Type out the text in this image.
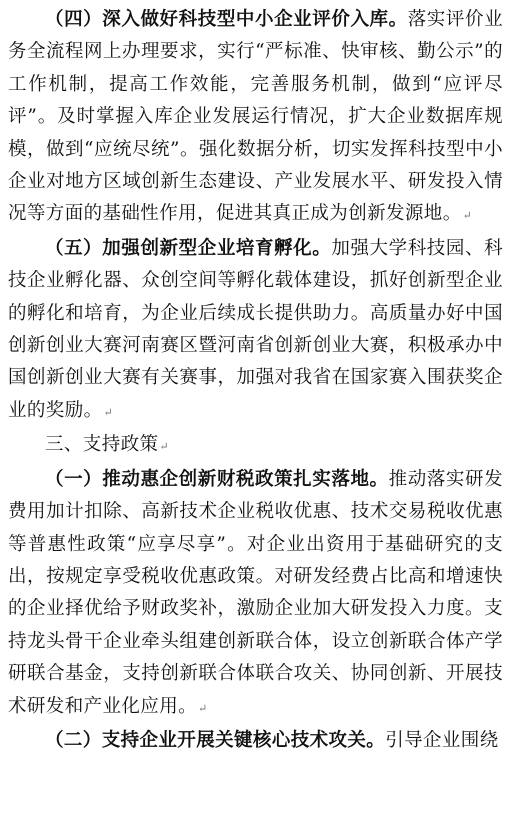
（四）深入做好科技型中小企业评价入库。落实评价业务全流程网上办理要求，实行“严标准、快审核、勤公示”的工作机制，提高工作效能，完善服务机制，做到“应评尽评”。及时掌握入库企业发展运行情况，扩大企业数据库规模，做到“应统尽统”。强化数据分析，切实发挥科技型中小企业对地方区域创新生态建设、产业发展水平、研发投入情况等方面的基础性作用，促进其真正成为创新发源地。↵

（五）加强创新型企业培育孵化。加强大学科技园、科技企业孵化器、众创空间等孵化载体建设，抓好创新型企业的孵化和培育，为企业后续成长提供助力。高质量办好中国创新创业大赛河南赛区暨河南省创新创业大赛，积极承办中国创新创业大赛有关赛事，加强对我省在国家赛入围获奖企业的奖励。↵

三、支持政策↵

（一）推动惠企创新财税政策扎实落地。推动落实研发费用加计扣除、高新技术企业税收优惠、技术交易税收优惠等普惠性政策“应享尽享”。对企业出资用于基础研究的支出，按规定享受税收优惠政策。对研发经费占比高和增速快的企业择优给予财政奖补，激励企业加大研发投入力度。支持龙头骨干企业牵头组建创新联合体，设立创新联合体产学研联合基金，支持创新联合体联合攻关、协同创新、开展技术研发和产业化应用。↵

（二）支持企业开展关键核心技术攻关。引导企业围绕
